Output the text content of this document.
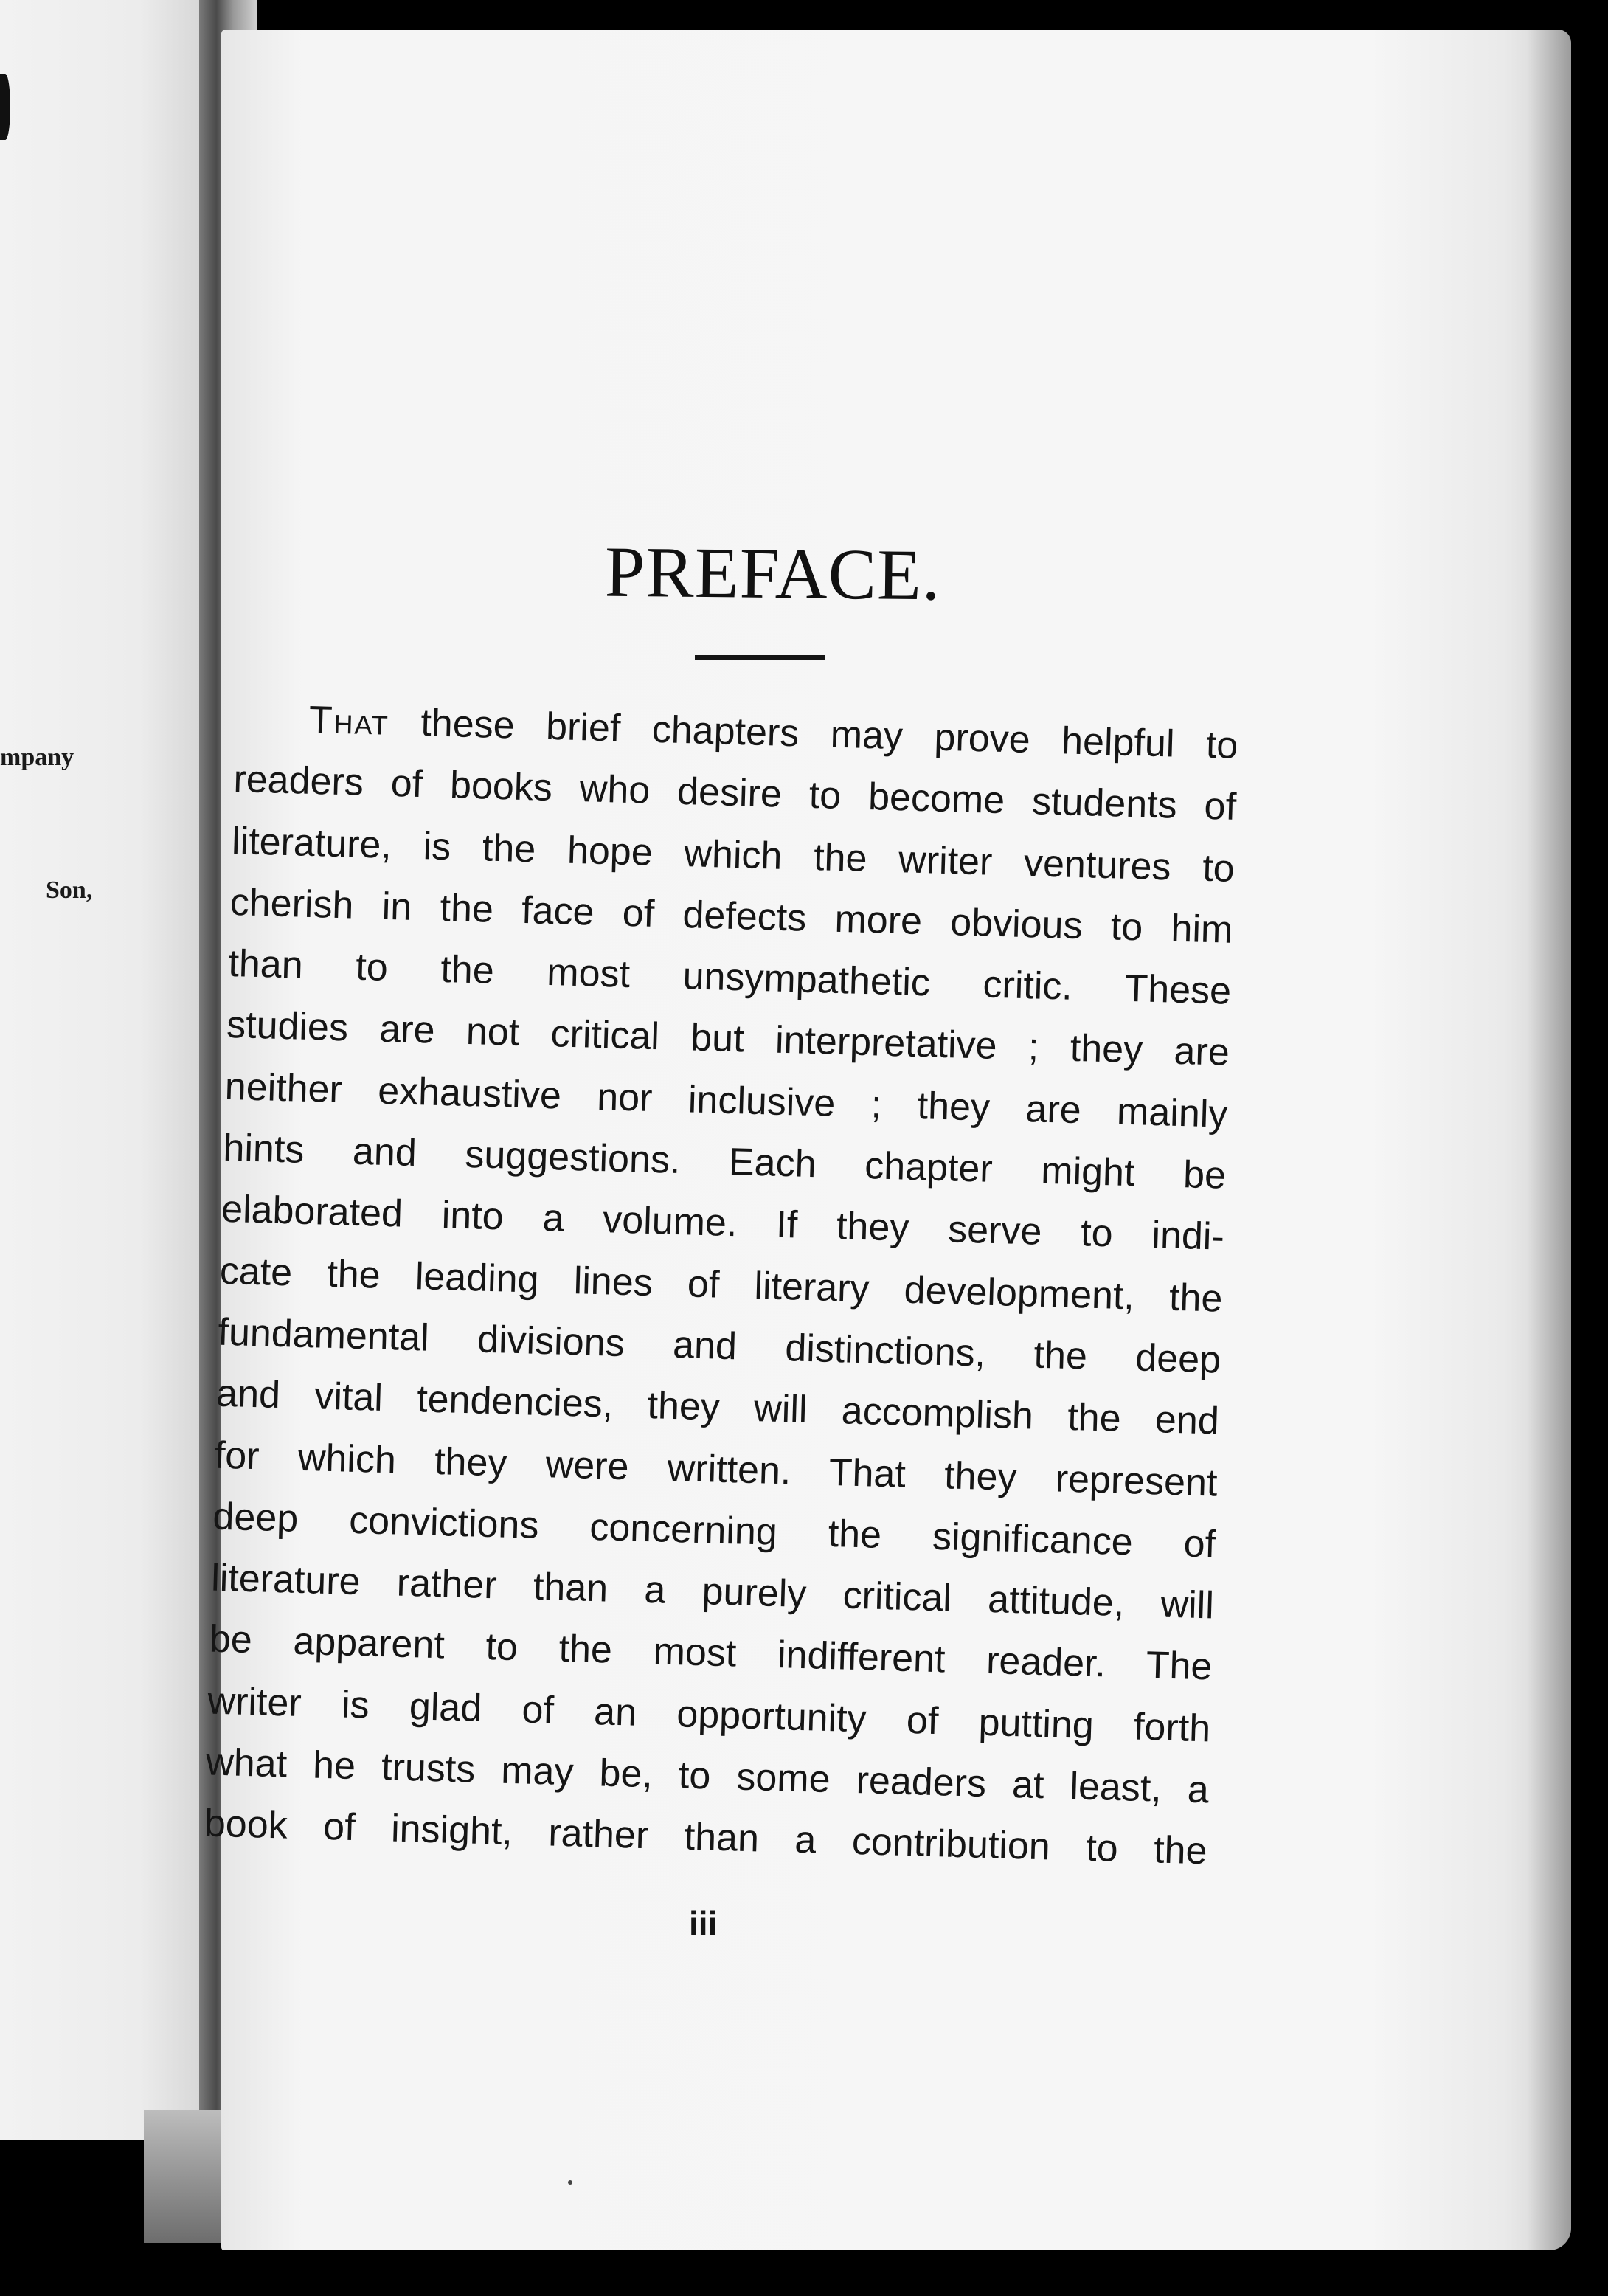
mpany
Son,
PREFACE.
That these brief chapters may prove helpful to
readers of books who desire to become students of
literature, is the hope which the writer ventures to
cherish in the face of defects more obvious to him
than to the most unsympathetic critic. These
studies are not critical but interpretative ; they are
neither exhaustive nor inclusive ; they are mainly
hints and suggestions. Each chapter might be
elaborated into a volume. If they serve to indi-
cate the leading lines of literary development, the
fundamental divisions and distinctions, the deep
and vital tendencies, they will accomplish the end
for which they were written. That they represent
deep convictions concerning the significance of
literature rather than a purely critical attitude, will
be apparent to the most indifferent reader. The
writer is glad of an opportunity of putting forth
what he trusts may be, to some readers at least, a
book of insight, rather than a contribution to the
iii
